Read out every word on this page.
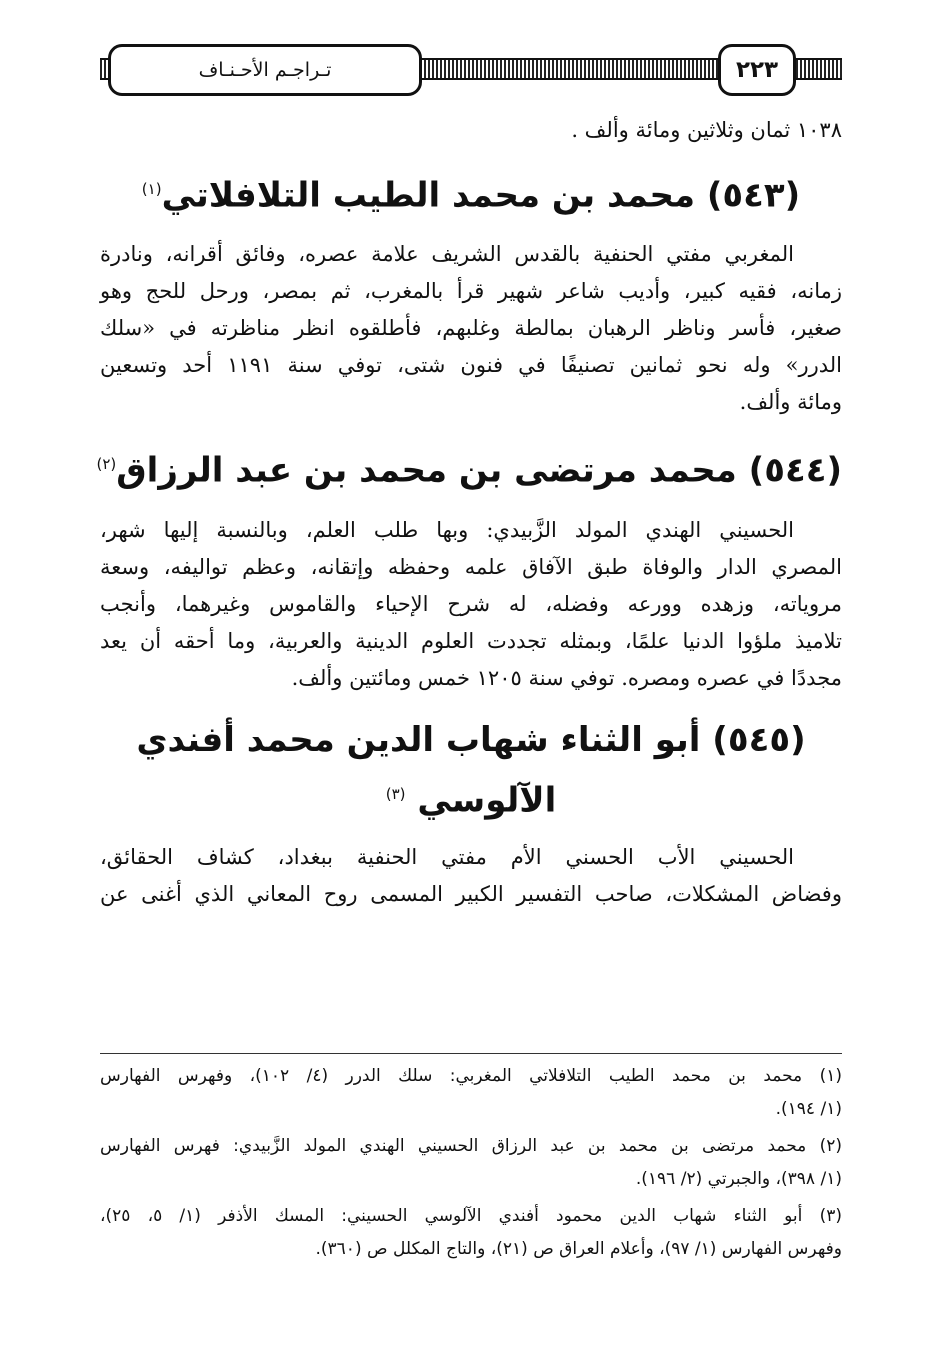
تـراجـم الأحـنـاف	٢٢٣
١٠٣٨ ثمان وثلاثين ومائة وألف .
(٥٤٣) محمد بن محمد الطيب التلافلاتي$^{(١)}$
المغربي مفتي الحنفية بالقدس الشريف علامة عصره، وفائق أقرانه، ونادرة
زمانه، فقيه كبير، وأديب شاعر شهير قرأ بالمغرب، ثم بمصر، ورحل للحج وهو
صغير، فأسر وناظر الرهبان بمالطة وغلبهم، فأطلقوه انظر مناظرته في «سلك
الدرر» وله نحو ثمانين تصنيفًا في فنون شتى، توفي سنة ١١٩١ أحد وتسعين
ومائة وألف.
(٥٤٤) محمد مرتضى بن محمد بن عبد الرزاق$^{(٢)}$
الحسيني الهندي المولد الزَّبيدي: وبها طلب العلم، وبالنسبة إليها شهر،
المصري الدار والوفاة طبق الآفاق علمه وحفظه وإتقانه، وعظم تواليفه، وسعة
مروياته، وزهده وورعه وفضله، له شرح الإحياء والقاموس وغيرهما، وأنجب
تلاميذ ملؤوا الدنيا علمًا، وبمثله تجددت العلوم الدينية والعربية، وما أحقه أن يعد
مجددًا في عصره ومصره. توفي سنة ١٢٠٥ خمس ومائتين وألف.
(٥٤٥) أبو الثناء شهاب الدين محمد أفندي
الآلوسي $^{(٣)}$
الحسيني الأب الحسني الأم مفتي الحنفية ببغداد، كشاف الحقائق،
وفضاض المشكلات، صاحب التفسير الكبير المسمى روح المعاني الذي أغنى عن
(١) محمد بن محمد الطيب التلافلاتي المغربي: سلك الدرر (٤/ ١٠٢)، وفهرس الفهارس
(١/ ١٩٤).
(٢) محمد مرتضى بن محمد بن عبد الرزاق الحسيني الهندي المولد الزَّبيدي: فهرس الفهارس
(١/ ٣٩٨)، والجبرتي (٢/ ١٩٦).
(٣) أبو الثناء شهاب الدين محمود أفندي الآلوسي الحسيني: المسك الأذفر (١/ ٥، ٢٥)،
وفهرس الفهارس (١/ ٩٧)، وأعلام العراق ص (٢١)، والتاج المكلل ص (٣٦٠).
